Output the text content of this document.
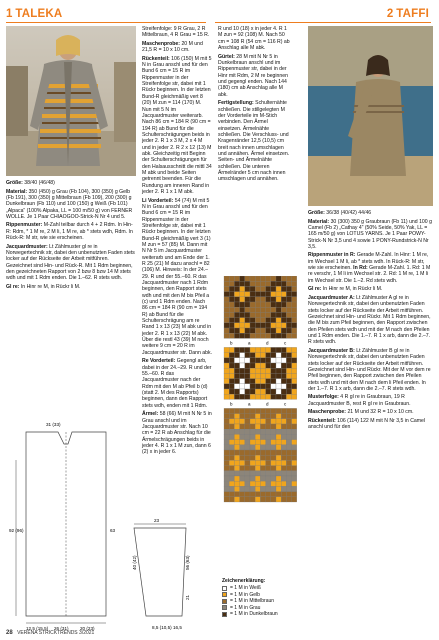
1 TALEKA	2 TAFFI

Größe: 38/40 (46/48)

Material: 350 (450) g Grau (Fb 104), 300 (350) g Gelb (Fb 191), 300 (350) g Mittelbraun (Fb 109), 200 (300) g Dunkelbraun (Fb 110) und 100 (150) g Weiß (Fb 101) „Alpaca“ (100% Alpaka, LL = 100 m/50 g) von FERNER WOLLE. Je 1 Paar CHIAOGOO-Strick-N Nr 4 und 5.

Rippenmuster: M-Zahl teilbar durch 4 + 2 Rdm. In Hin-R: Rdm, * 1 M re, 2 M li, 1 M re, ab * stets wdh, Rdm. In Rück-R: M str, wie sie erscheinen.

Jacquardmuster: Lt Zählmuster gl re in Norwegertechnik str, dabei den unbenutzten Faden stets locker auf der Rückseite der Arbeit mitführen. Gezeichnet sind Hin- und Rück-R. Mit 1 Rdm beginnen, den gezeichneten Rapport von 2 bzw 8 bzw 14 M stets wdh und mit 1 Rdm enden. Die 1.–62. R stets wdh.

Gl re: In Hinr re M, in Rückr li M.

92 (96)	63
12,5 (15,5) 26 (31) 20 (23)
31 (33)
23
40 (42)	56 (63)
21
8,5 (10,5) 16,5

Streifenfolge: 9 R Grau, 2 R Mittelbraun, 4 R Grau = 15 R.

Maschenprobe: 20 M und 21,5 R = 10 x 10 cm.

Rückenteil: 106 (150) M mit 5 N in Grau anschl und für den Bund 6 cm = 15 R im Rippenmuster in der Streifenfolge str, dabei mit 1 Rückr beginnen. In der letzten Bund-R gleichmäßig vert 8 (20) M zun = 114 (170) M. Nun mit 5 N im Jacquardmuster weiterarb. Nach 86 cm = 184 R (90 cm = 194 R) ab Bund für die Schulterschrägungen beids in jeder 2. R 1 x 3 M, 2 x 4 M und in jeder 2. R 2 x 12 (13) M abk. Gleichzeitig mit Beginn der Schulterschrägungen für den Halsausschnitt die mittl 34 M abk und beide Seiten getrennt beenden. Für die Rundung am inneren Rand in jeder 2. R 1 x 1 M abk.

Li Vorderteil: 54 (74) M mit 5 N in Grau anschl und für den Bund 6 cm = 15 R im Rippenmuster in der Streifenfolge str, dabei mit 1 Rückr beginnen. In der letzten Bund-R gleichmäßig vert 3 (1) M zun = 57 (85) M. Dann mit N Nr 5 im Jacquardmuster weiterarb und am Ende der 1. R 25 (21) M dazu anschl = 82 (106) M. Hinweis: In der 24.–29. R und der 55.–60. R das Jacquardmuster nach 1 Rdm beginnen, den Rapport stets wdh und mit den M bis Pfeil a (c) und 1 Rdm enden. Nach 86 cm = 184 R (90 cm = 194 R) ab Bund für die Schulterschrägung am re Rand 1 x 13 (23) M abk und in jeder 2. R 1 x 13 (22) M abk. Über die restl 43 (39) M noch weitere 9 cm = 20 R im Jacquardmuster str. Dann abk.

Re Vorderteil: Gegengl arb, dabei in der 24.–29. R und der 55.–60. R das Jacquardmuster nach der Rdm mit den M ab Pfeil b (d) (statt 2. M des Rapports) beginnen, dann den Rapport stets wdh, enden mit 1 Rdm.

Ärmel: 58 (66) M mit N Nr 5 in Grau anschl und im Jacquardmuster str. Nach 10 cm = 22 R ab Anschlag für die Ärmelschrägungen beids in jeder 4. R 1 x 1 M zun, dann 6 (2) x in jeder 6.

R und 10 (18) x in jeder 4. R 1 M zun = 92 (108) M. Nach 50 cm = 108 R (54 cm = 116 R) ab Anschlag alle M abk.

Gürtel: 28 M mit N Nr 5 in Dunkelbraun anschl und im Rippenmuster str, dabei in der Hinr mit Rdm, 2 M re beginnen und gegengl enden. Nach 144 (180) cm ab Anschlag alle M abk.

Fertigstellung: Schulternähte schließen. Die stillgelegten M der Vorderteile im M-Stich verbinden. Den Ärmel einsetzen. Ärmelnähte schließen. Die Verschluss- und Kragenränder 12,5 (10,5) cm breit nach innen umschlagen und annähen. Ärmel einsetzen. Seiten- und Ärmelnähte schließen. Die unteren Ärmelränder 5 cm nach innen umschlagen und annähen.

b	a	d	c
b	a	d	c
Zeichenerklärung:
= 1 M in Weiß
= 1 M in Gelb
= 1 M in Mittelbraun
= 1 M in Grau
= 1 M in Dunkelbraun

Größe: 36/38 (40/42) 44/46

Material: 30 (300) 350 g Graubraun (Fb 11) und 100 g Camel (Fb 2) „Cathay 4“ (50% Seide, 50% Yak, LL = 165 m/50 g) von LOTUS YARNS. Je 1 Paar POWY-Strick-N Nr 3,5 und 4 sowie 1 PONY-Rundstrick-N Nr 3,5.

Rippenmuster in R: Gerade M-Zahl. In Hinr: 1 M re, im Wechsel 1 M li, ab * stets wdh. In Rück-R: M str, wie sie erscheinen. In Rd: Gerade M-Zahl. 1. Rd: 1 M re verschr, 1 M li im Wechsel str. 2. Rd: 1 M re, 1 M li im Wechsel str. Die 1.–2. Rd stets wdh.

Gl re: In Hinr re M, in Rückr li M.

Jacquardmuster A: Lt Zählmuster A gl re in Norwegertechnik str, dabei den unbenutzten Faden stets locker auf der Rückseite der Arbeit mitführen. Gezeichnet sind Hin- und Rückr. Mit 1 Rdm beginnen, die M bis zum Pfeil beginnen, den Rapport zwischen den Pfeilen stets wdh und mit der M nach den Pfeilen und 1 Rdm enden. Die 1.–7. R 1 x arb, dann die 2.–7. R stets wdh.

Jacquardmuster B: Lt Zählmuster B gl re in Norwegertechnik str, dabei den unbenutzten Faden stets locker auf der Rückseite der Arbeit mitführen. Gezeichnet sind Hin- und Rückr. Mit der M vor dem re Pfeil beginnen, den Rapport zwischen den Pfeilen stets wdh und mit den M nach dem li Pfeil enden. In der 1.–7. R 1 x arb, dann die 2.–7. R stets wdh.

Musterfolge: 4 R gl re in Graubraun, 19 R Jacquardmuster B, rest R gl re in Graubraun.

Maschenprobe: 21 M und 32 R = 10 x 10 cm.

Rückenteil: 106 (114) 122 M mit N Nr 3,5 in Camel anschl und für den

28 VERENA STRICKTRENDS 3/2021
